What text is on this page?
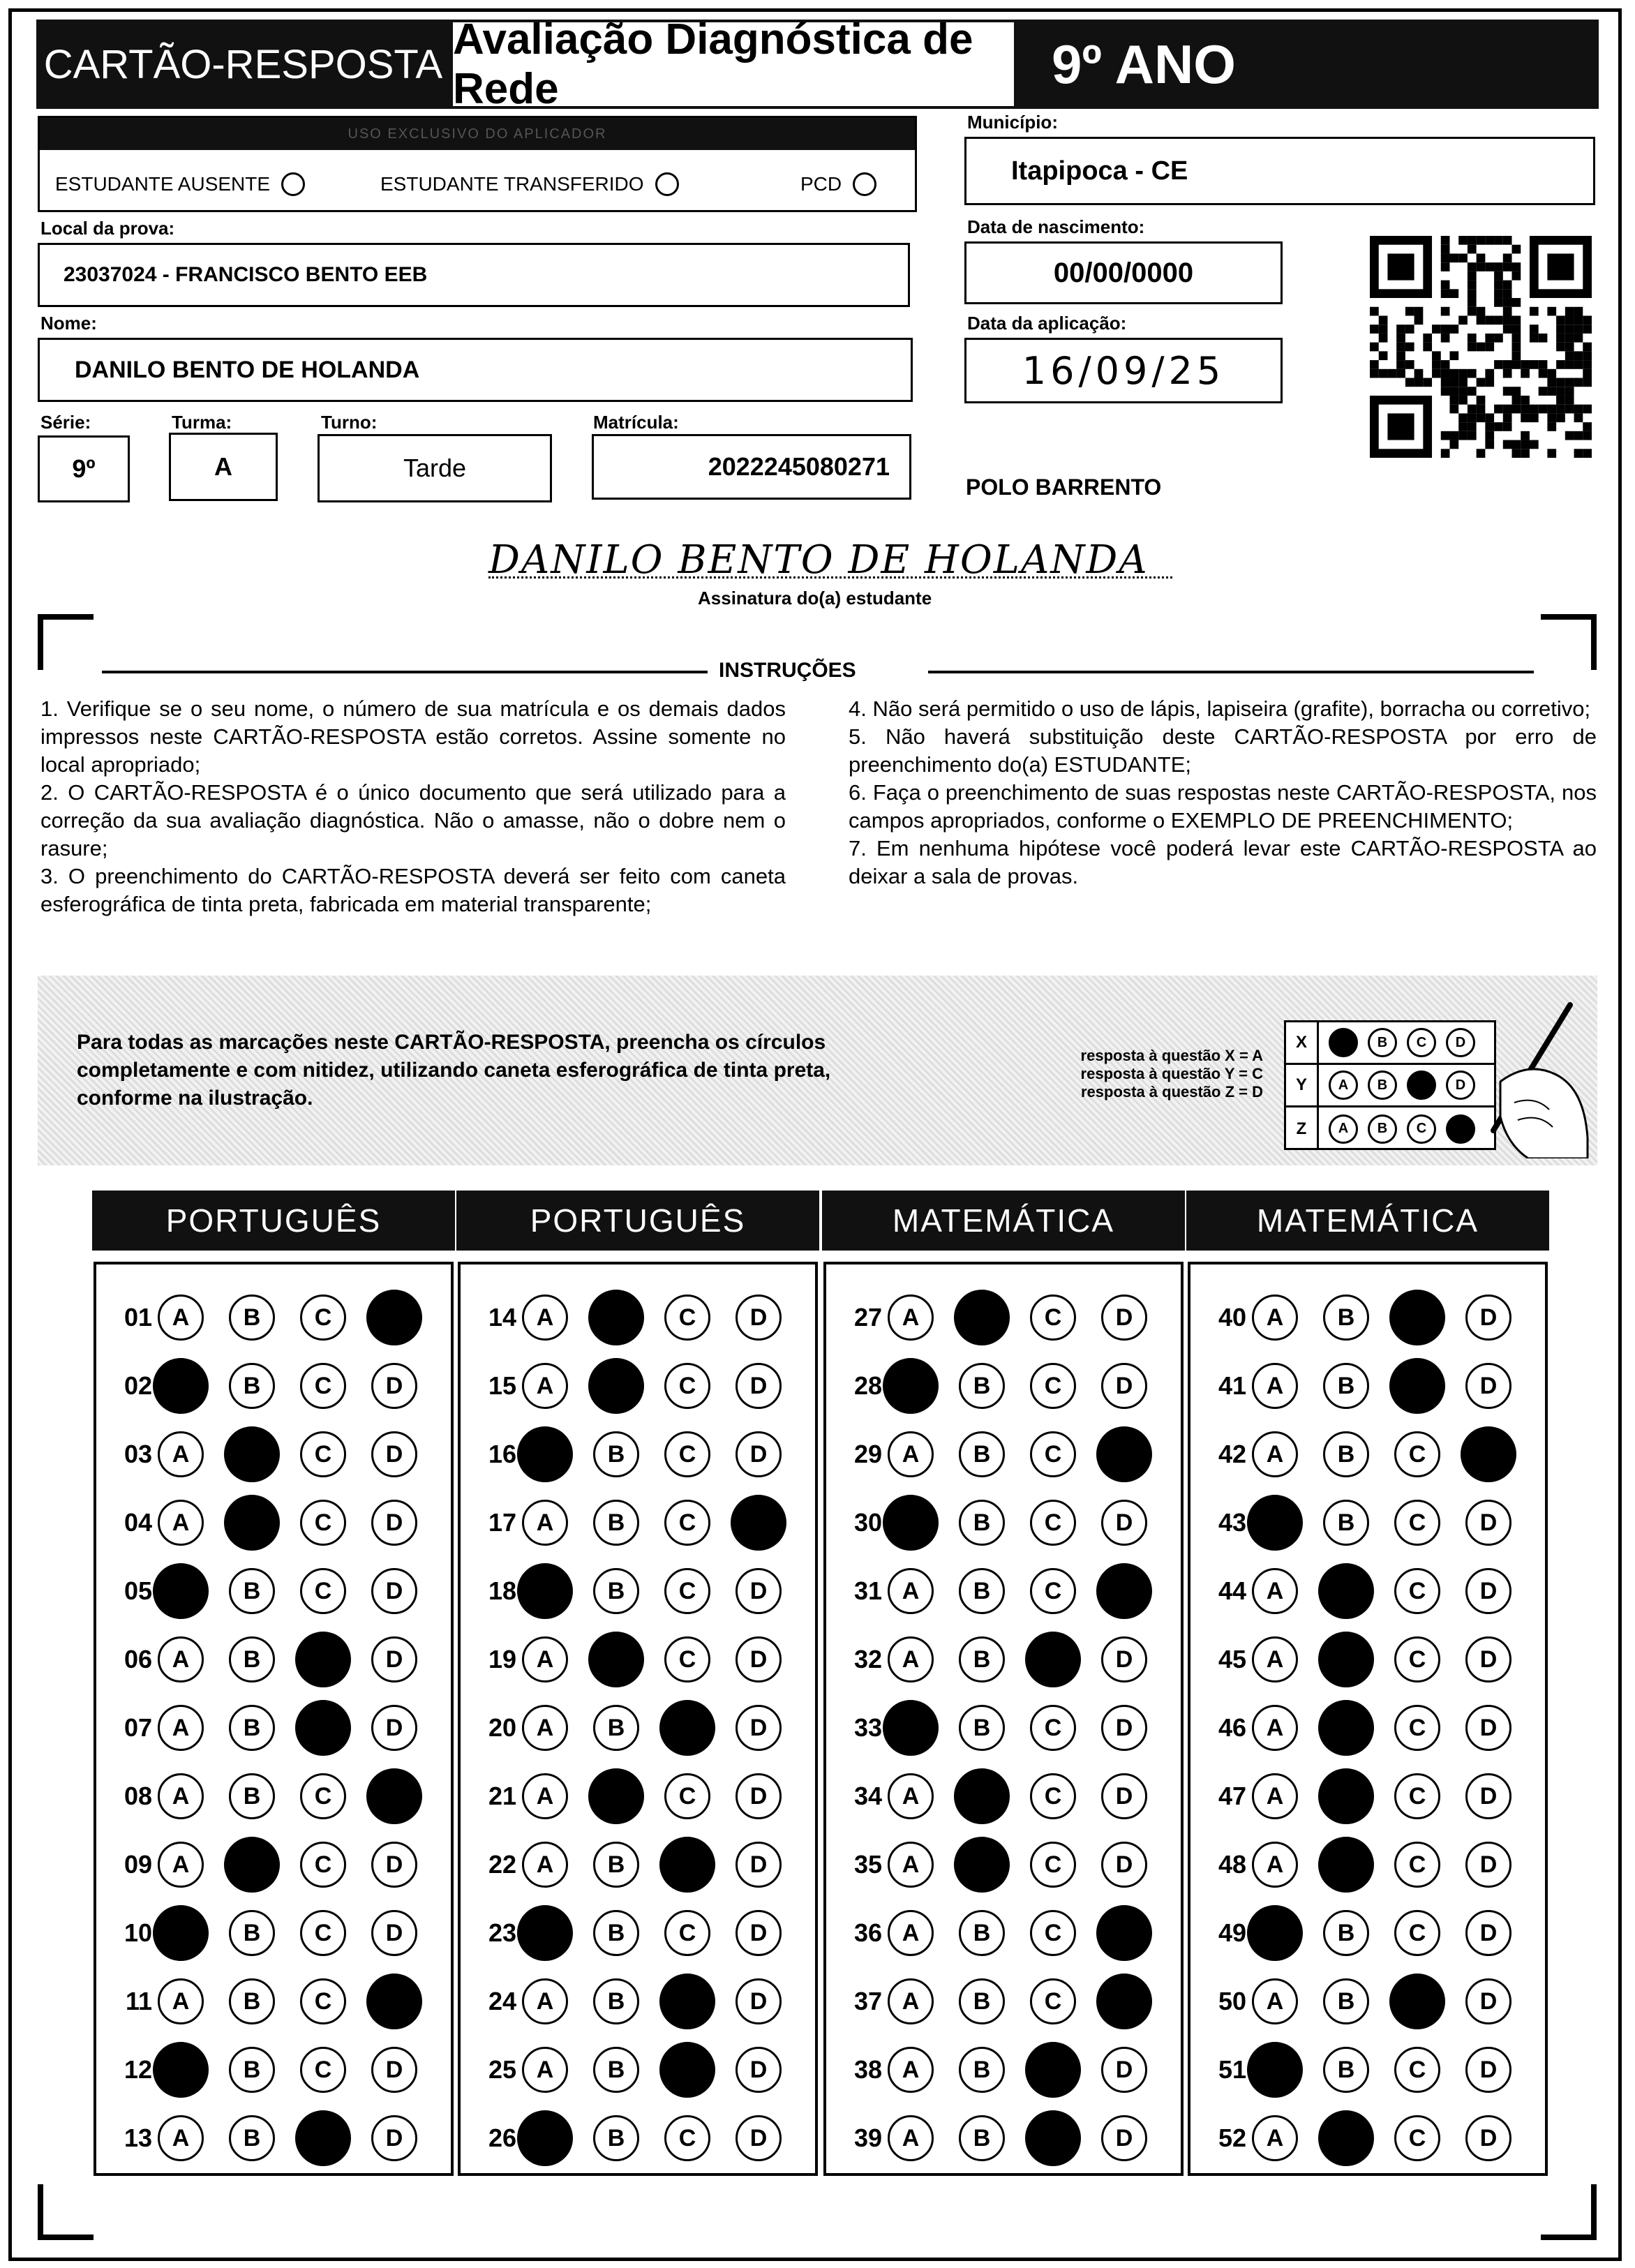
CARTÃO-RESPOSTA
Avaliação Diagnóstica de Rede	9º ANO
USO EXCLUSIVO DO APLICADOR
ESTUDANTE AUSENTE	ESTUDANTE TRANSFERIDO	PCD
Local da prova:
23037024 - FRANCISCO BENTO EEB
Nome:
DANILO BENTO DE HOLANDA
Série:
9º
Turma:
A
Turno:
Tarde
Matrícula:
2022245080271
Município:
Itapipoca - CE
Data de nascimento:
00/00/0000
Data da aplicação:
16/09/25
POLO BARRENTO
DANILO BENTO DE HOLANDA
Assinatura do(a) estudante
INSTRUÇÕES

1. Verifique se o seu nome, o número de sua matrícula e os demais dados impressos neste CARTÃO-RESPOSTA estão corretos. Assine somente no local apropriado;

2. O CARTÃO-RESPOSTA é o único documento que será utilizado para a correção da sua avaliação diagnóstica. Não o amasse, não o dobre nem o rasure;

3. O preenchimento do CARTÃO-RESPOSTA deverá ser feito com caneta esferográfica de tinta preta, fabricada em material transparente;

4. Não será permitido o uso de lápis, lapiseira (grafite), borracha ou corretivo;

5. Não haverá substituição deste CARTÃO-RESPOSTA por erro de preenchimento do(a) ESTUDANTE;

6. Faça o preenchimento de suas respostas neste CARTÃO-RESPOSTA, nos campos apropriados, conforme o EXEMPLO DE PREENCHIMENTO;

7. Em nenhuma hipótese você poderá levar este CARTÃO-RESPOSTA ao deixar a sala de provas.

Para todas as marcações neste CARTÃO-RESPOSTA, preencha os círculos completamente e com nitidez, utilizando caneta esferográfica de tinta preta, conforme na ilustração.
resposta à questão X = A
resposta à questão Y = C
resposta à questão Z = D
X	B C D
Y	A B	D
Z	A B C
PORTUGUÊS
01 A B C
02	B C D
03 A	C D
04 A	C D
05	B C D
06 A B	D
07 A B	D
08 A B C
09 A	C D
10	B C D
11 A B C
12	B C D
13 A B	D
PORTUGUÊS
14 A	C D
15 A	C D
16	B C D
17 A B C
18	B C D
19 A	C D
20 A B	D
21 A	C D
22 A B	D
23	B C D
24 A B	D
25 A B	D
26	B C D
MATEMÁTICA
27 A	C D
28	B C D
29 A B C
30	B C D
31 A B C
32 A B	D
33	B C D
34 A	C D
35 A	C D
36 A B C
37 A B C
38 A B	D
39 A B	D
MATEMÁTICA
40 A B	D
41 A B	D
42 A B C
43	B C D
44 A	C D
45 A	C D
46 A	C D
47 A	C D
48 A	C D
49	B C D
50 A B	D
51	B C D
52 A	C D
